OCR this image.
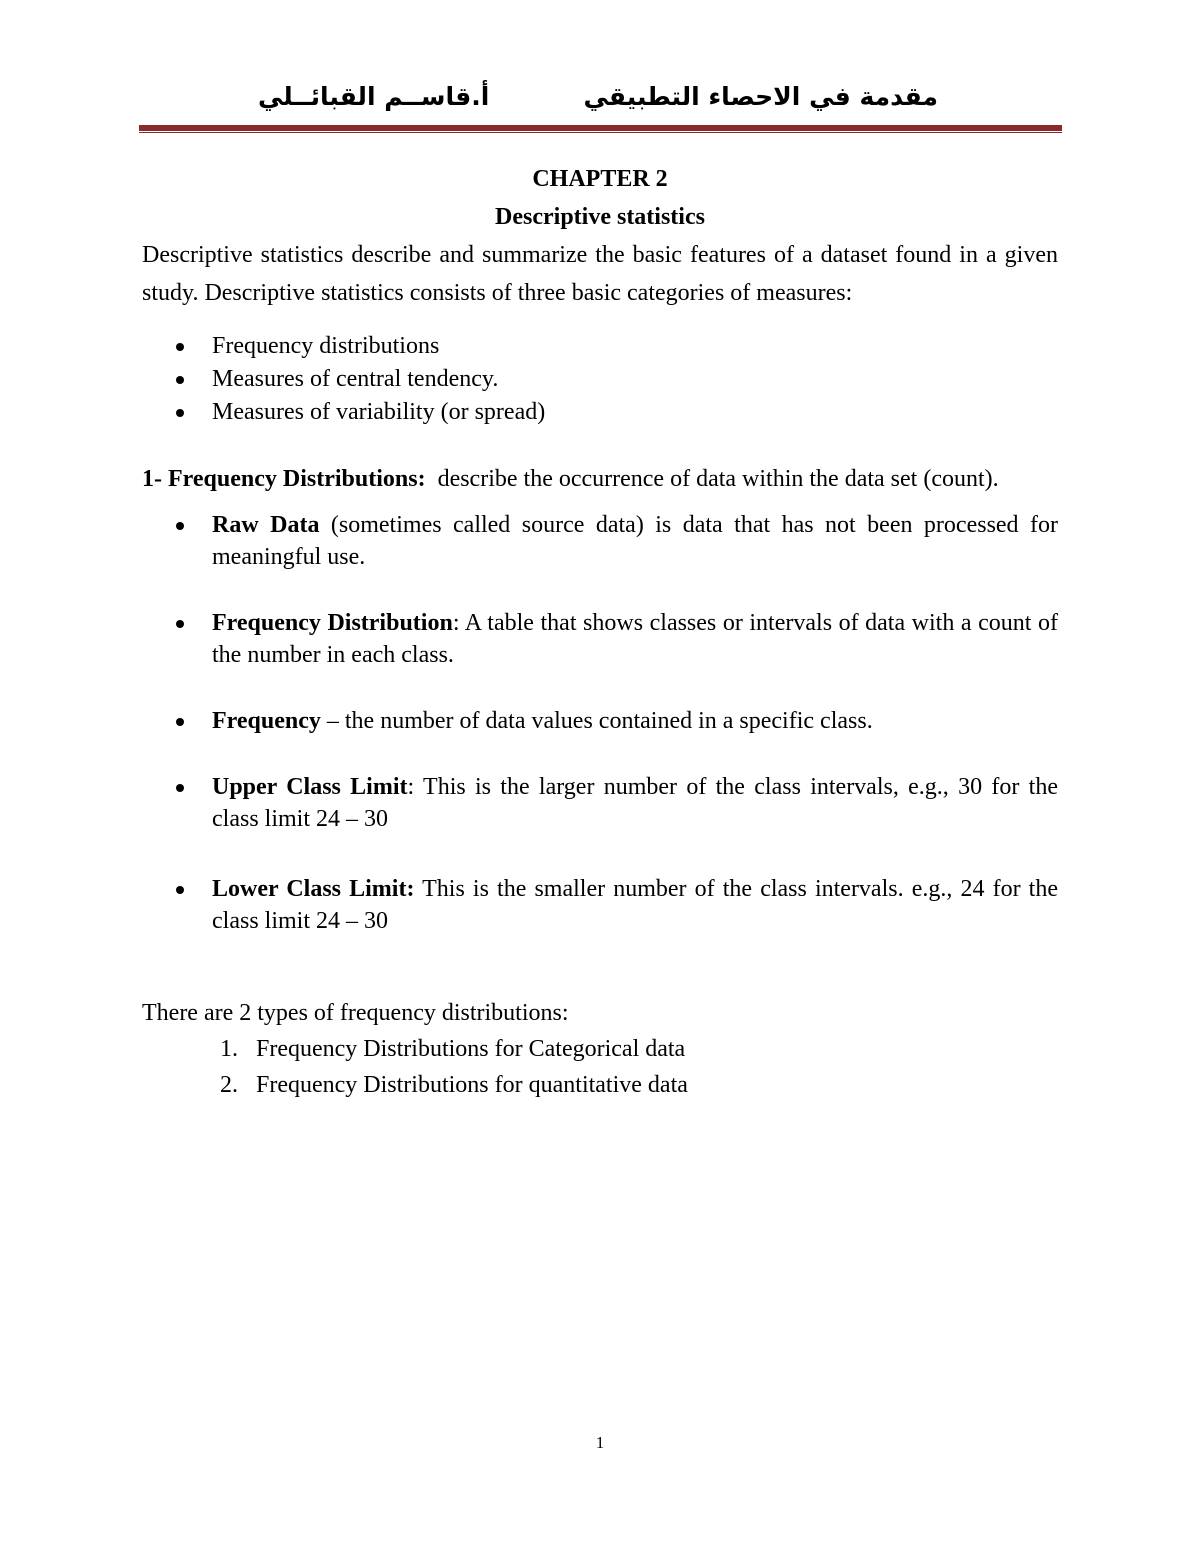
أ.قاســم القبائــلي	مقدمة في الاحصاء التطبيقي
CHAPTER 2
Descriptive statistics

Descriptive statistics describe and summarize the basic features of a dataset found in a given study. Descriptive statistics consists of three basic categories of measures:

Frequency distributions
Measures of central tendency.
Measures of variability (or spread)

1- Frequency Distributions: describe the occurrence of data within the data set (count).

Raw Data (sometimes called source data) is data that has not been processed for meaningful use.
Frequency Distribution: A table that shows classes or intervals of data with a count of the number in each class.
Frequency – the number of data values contained in a specific class.
Upper Class Limit: This is the larger number of the class intervals, e.g., 30 for the class limit 24 – 30
Lower Class Limit: This is the smaller number of the class intervals. e.g., 24 for the class limit 24 – 30

There are 2 types of frequency distributions:

1. Frequency Distributions for Categorical data
2. Frequency Distributions for quantitative data
1
